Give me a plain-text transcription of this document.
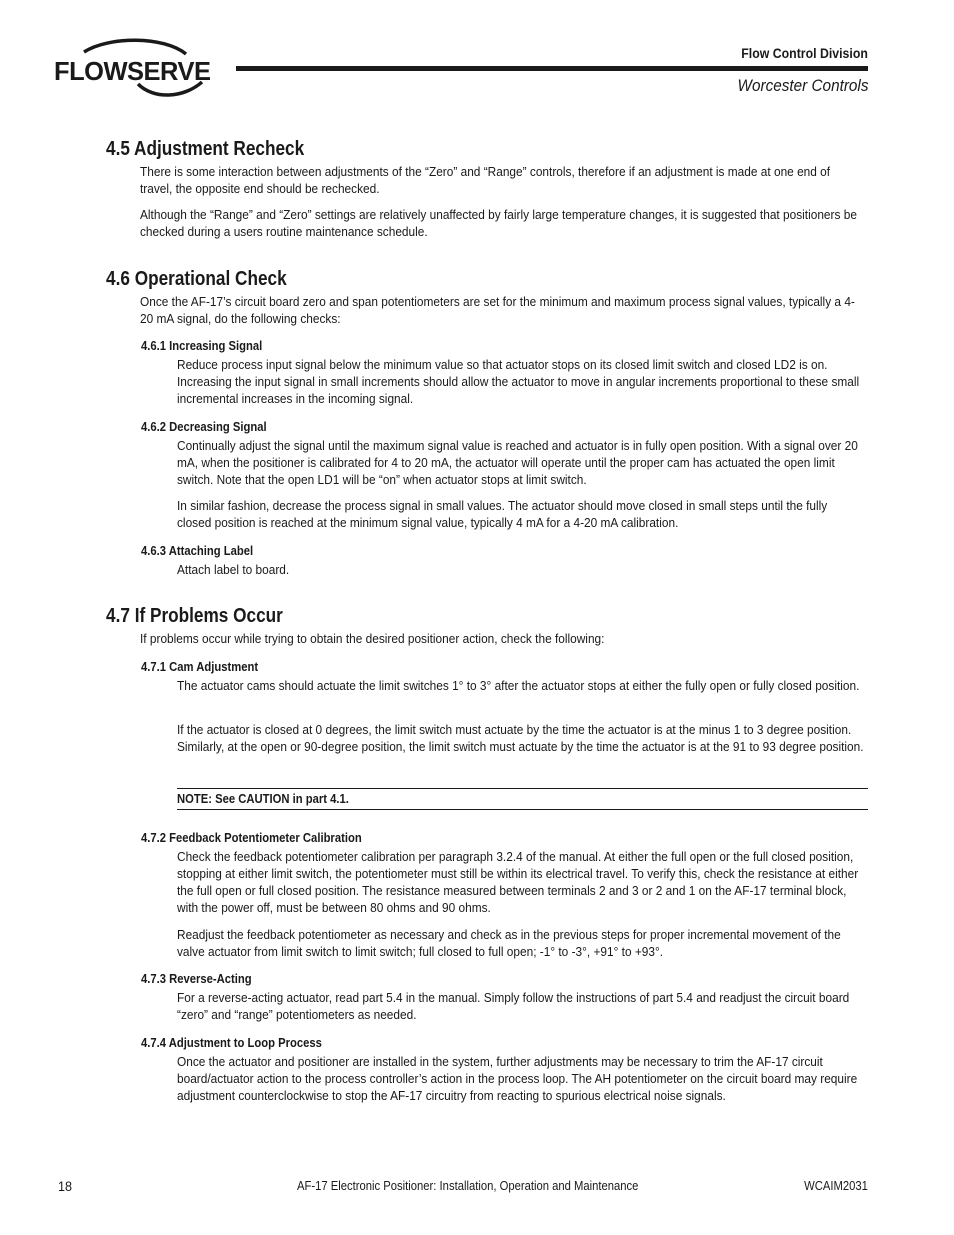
FLOWSERVE
Flow Control Division
Worcester Controls
4.5 Adjustment Recheck
There is some interaction between adjustments of the “Zero” and “Range” controls, therefore if an adjustment is made at one end of travel, the opposite end should be rechecked.
Although the “Range” and “Zero” settings are relatively unaffected by fairly large temperature changes, it is suggested that positioners be checked during a users routine maintenance schedule.
4.6 Operational Check
Once the AF-17’s circuit board zero and span potentiometers are set for the minimum and maximum process signal values, typically a 4-20 mA signal, do the following checks:
4.6.1 Increasing Signal
Reduce process input signal below the minimum value so that actuator stops on its closed limit switch and closed LD2 is on. Increasing the input signal in small increments should allow the actuator to move in angular increments proportional to these small incremental increases in the incoming signal.
4.6.2 Decreasing Signal
Continually adjust the signal until the maximum signal value is reached and actuator is in fully open position. With a signal over 20 mA, when the positioner is calibrated for 4 to 20 mA, the actuator will operate until the proper cam has actuated the open limit switch. Note that the open LD1 will be “on” when actuator stops at limit switch.
In similar fashion, decrease the process signal in small values. The actuator should move closed in small steps until the fully closed position is reached at the minimum signal value, typically 4 mA for a 4-20 mA calibration.
4.6.3 Attaching Label
Attach label to board.
4.7 If Problems Occur
If problems occur while trying to obtain the desired positioner action, check the following:
4.7.1 Cam Adjustment
The actuator cams should actuate the limit switches 1° to 3° after the actuator stops at either the fully open or fully closed position.
If the actuator is closed at 0 degrees, the limit switch must actuate by the time the actuator is at the minus 1 to 3 degree position. Similarly, at the open or 90-degree position, the limit switch must actuate by the time the actuator is at the 91 to 93 degree position.
NOTE: See CAUTION in part 4.1.
4.7.2 Feedback Potentiometer Calibration
Check the feedback potentiometer calibration per paragraph 3.2.4 of the manual. At either the full open or the full closed position, stopping at either limit switch, the potentiometer must still be within its electrical travel. To verify this, check the resistance at either the full open or full closed position. The resistance measured between terminals 2 and 3 or 2 and 1 on the AF-17 terminal block, with the power off, must be between 80 ohms and 90 ohms.
Readjust the feedback potentiometer as necessary and check as in the previous steps for proper incremental movement of the valve actuator from limit switch to limit switch; full closed to full open; -1° to -3°, +91° to +93°.
4.7.3 Reverse-Acting
For a reverse-acting actuator, read part 5.4 in the manual. Simply follow the instructions of part 5.4 and readjust the circuit board “zero” and “range” potentiometers as needed.
4.7.4 Adjustment to Loop Process
Once the actuator and positioner are installed in the system, further adjustments may be necessary to trim the AF-17 circuit board/actuator action to the process controller’s action in the process loop. The AH potentiometer on the circuit board may require adjustment counterclockwise to stop the AF-17 circuitry from reacting to spurious electrical noise signals.
18	AF-17 Electronic Positioner: Installation, Operation and Maintenance	WCAIM2031
